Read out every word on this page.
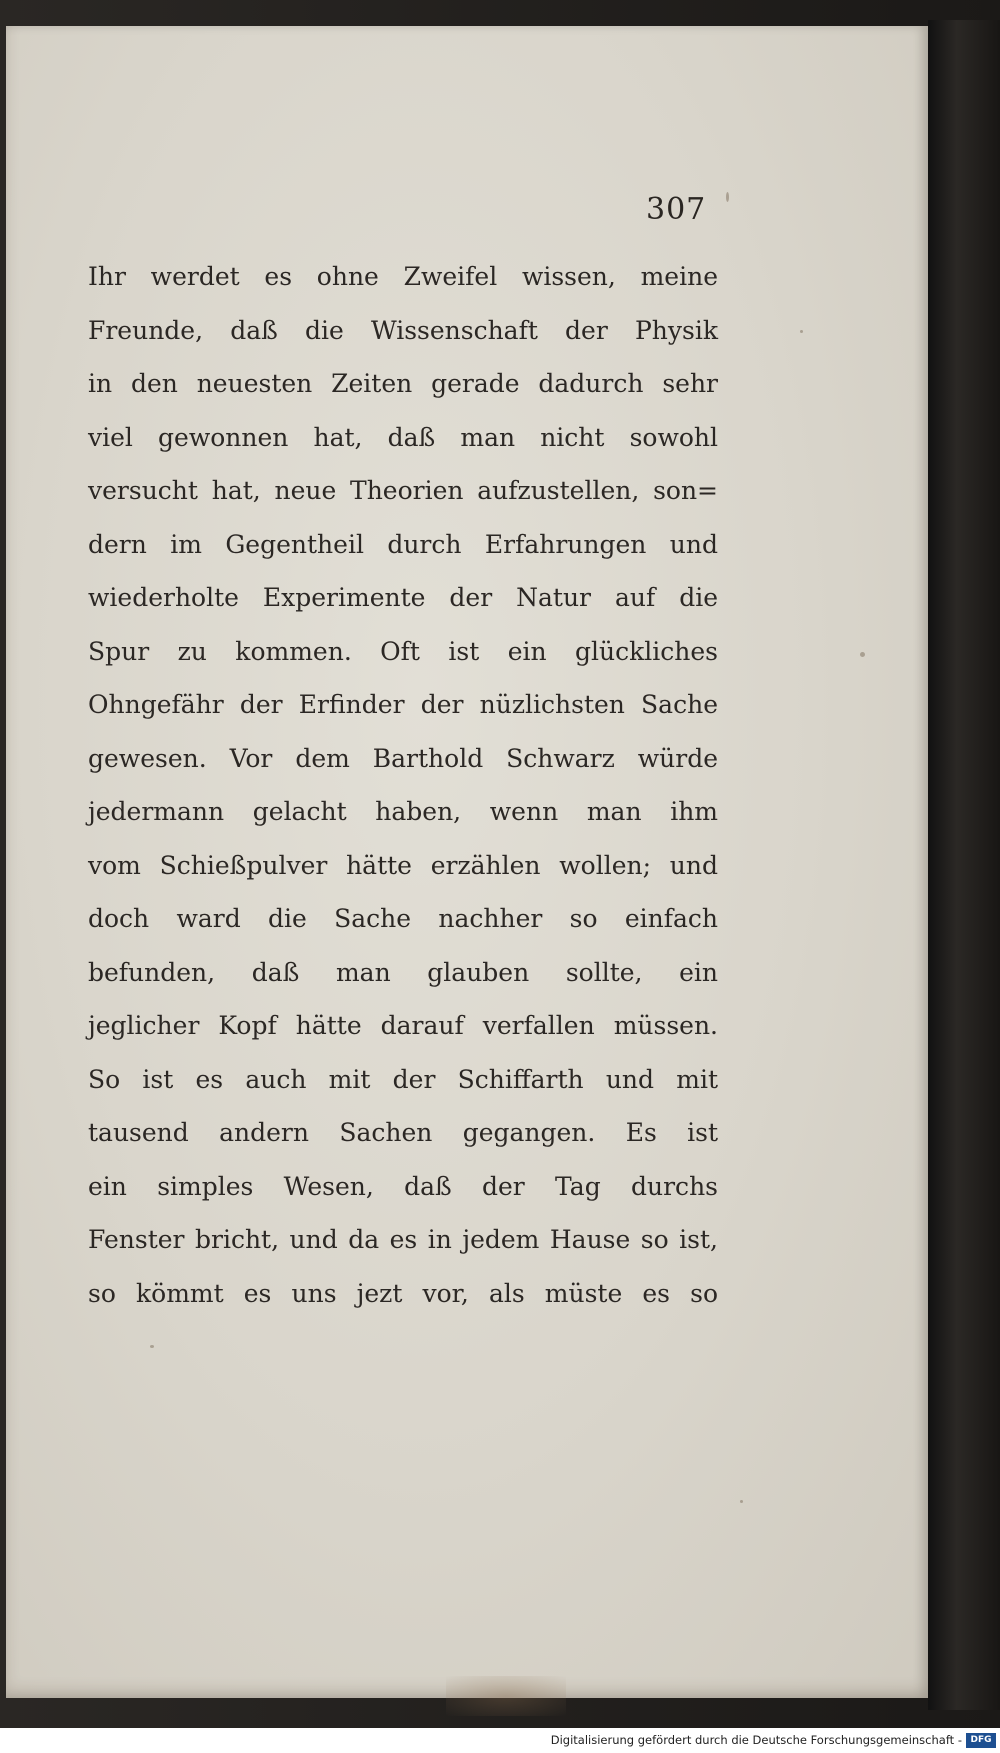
307
Ihr werdet es ohne Zweifel wissen, meine
Freunde, daß die Wissenschaft der Physik
in den neuesten Zeiten gerade dadurch sehr
viel gewonnen hat, daß man nicht sowohl
versucht hat, neue Theorien aufzustellen, son=
dern im Gegentheil durch Erfahrungen und
wiederholte Experimente der Natur auf die
Spur zu kommen. Oft ist ein glückliches
Ohngefähr der Erfinder der nüzlichsten Sache
gewesen. Vor dem Barthold Schwarz würde
jedermann gelacht haben, wenn man ihm
vom Schießpulver hätte erzählen wollen; und
doch ward die Sache nachher so einfach
befunden, daß man glauben sollte, ein
jeglicher Kopf hätte darauf verfallen müssen.
So ist es auch mit der Schiffarth und mit
tausend andern Sachen gegangen. Es ist
ein simples Wesen, daß der Tag durchs
Fenster bricht, und da es in jedem Hause so ist,
so kömmt es uns jezt vor, als müste es so
Digitalisierung gefördert durch die Deutsche Forschungsgemeinschaft - DFG
